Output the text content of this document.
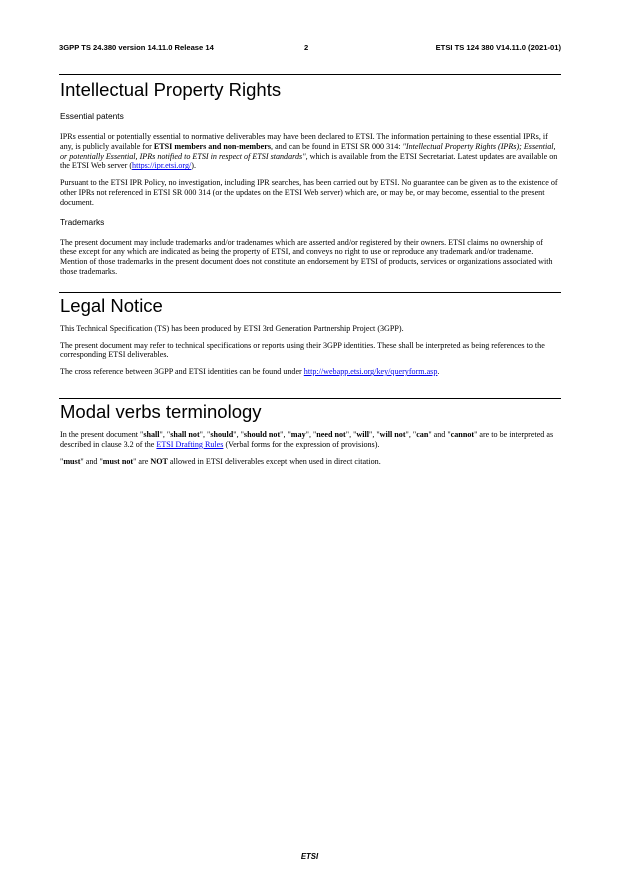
3GPP TS 24.380 version 14.11.0 Release 14	2	ETSI TS 124 380 V14.11.0 (2021-01)
Intellectual Property Rights
Essential patents

IPRs essential or potentially essential to normative deliverables may have been declared to ETSI. The information pertaining to these essential IPRs, if any, is publicly available for ETSI members and non-members, and can be found in ETSI SR 000 314: "Intellectual Property Rights (IPRs); Essential, or potentially Essential, IPRs notified to ETSI in respect of ETSI standards", which is available from the ETSI Secretariat. Latest updates are available on the ETSI Web server (https://ipr.etsi.org/).

Pursuant to the ETSI IPR Policy, no investigation, including IPR searches, has been carried out by ETSI. No guarantee can be given as to the existence of other IPRs not referenced in ETSI SR 000 314 (or the updates on the ETSI Web server) which are, or may be, or may become, essential to the present document.

Trademarks

The present document may include trademarks and/or tradenames which are asserted and/or registered by their owners. ETSI claims no ownership of these except for any which are indicated as being the property of ETSI, and conveys no right to use or reproduce any trademark and/or tradename. Mention of those trademarks in the present document does not constitute an endorsement by ETSI of products, services or organizations associated with those trademarks.

Legal Notice

This Technical Specification (TS) has been produced by ETSI 3rd Generation Partnership Project (3GPP).

The present document may refer to technical specifications or reports using their 3GPP identities. These shall be interpreted as being references to the corresponding ETSI deliverables.

The cross reference between 3GPP and ETSI identities can be found under http://webapp.etsi.org/key/queryform.asp.

Modal verbs terminology

In the present document "shall", "shall not", "should", "should not", "may", "need not", "will", "will not", "can" and "cannot" are to be interpreted as described in clause 3.2 of the ETSI Drafting Rules (Verbal forms for the expression of provisions).

"must" and "must not" are NOT allowed in ETSI deliverables except when used in direct citation.

ETSI
